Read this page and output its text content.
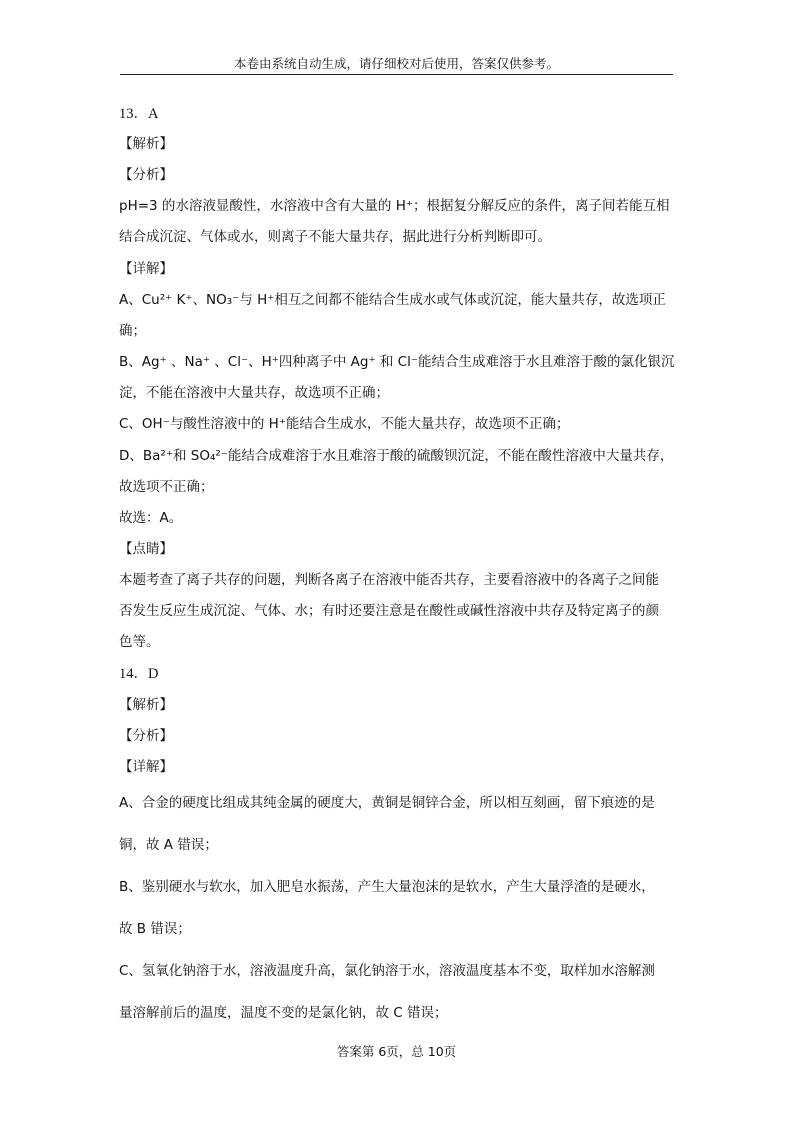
本卷由系统自动生成，请仔细校对后使用，答案仅供参考。
13．A
【解析】
【分析】
pH=3 的水溶液显酸性，水溶液中含有大量的 H⁺；根据复分解反应的条件，离子间若能互相
结合成沉淀、气体或水，则离子不能大量共存，据此进行分析判断即可。
【详解】
A、Cu²⁺ K⁺、NO₃⁻与 H⁺相互之间都不能结合生成水或气体或沉淀，能大量共存，故选项正
确；
B、Ag⁺ 、Na⁺ 、Cl⁻、H⁺四种离子中 Ag⁺ 和 Cl⁻能结合生成难溶于水且难溶于酸的氯化银沉
淀，不能在溶液中大量共存，故选项不正确；
C、OH⁻与酸性溶液中的 H⁺能结合生成水，不能大量共存，故选项不正确；
D、Ba²⁺和 SO₄²⁻能结合成难溶于水且难溶于酸的硫酸钡沉淀，不能在酸性溶液中大量共存，
故选项不正确；
故选：A。
【点睛】
本题考查了离子共存的问题，判断各离子在溶液中能否共存，主要看溶液中的各离子之间能
否发生反应生成沉淀、气体、水；有时还要注意是在酸性或碱性溶液中共存及特定离子的颜
色等。
14．D
【解析】
【分析】
【详解】
A、合金的硬度比组成其纯金属的硬度大，黄铜是铜锌合金，所以相互刻画，留下痕迹的是
铜，故 A 错误；
B、鉴别硬水与软水，加入肥皂水振荡，产生大量泡沫的是软水，产生大量浮渣的是硬水，
故 B 错误；
C、氢氧化钠溶于水，溶液温度升高，氯化钠溶于水，溶液温度基本不变，取样加水溶解测
量溶解前后的温度，温度不变的是氯化钠，故 C 错误；
答案第 6页，总 10页
